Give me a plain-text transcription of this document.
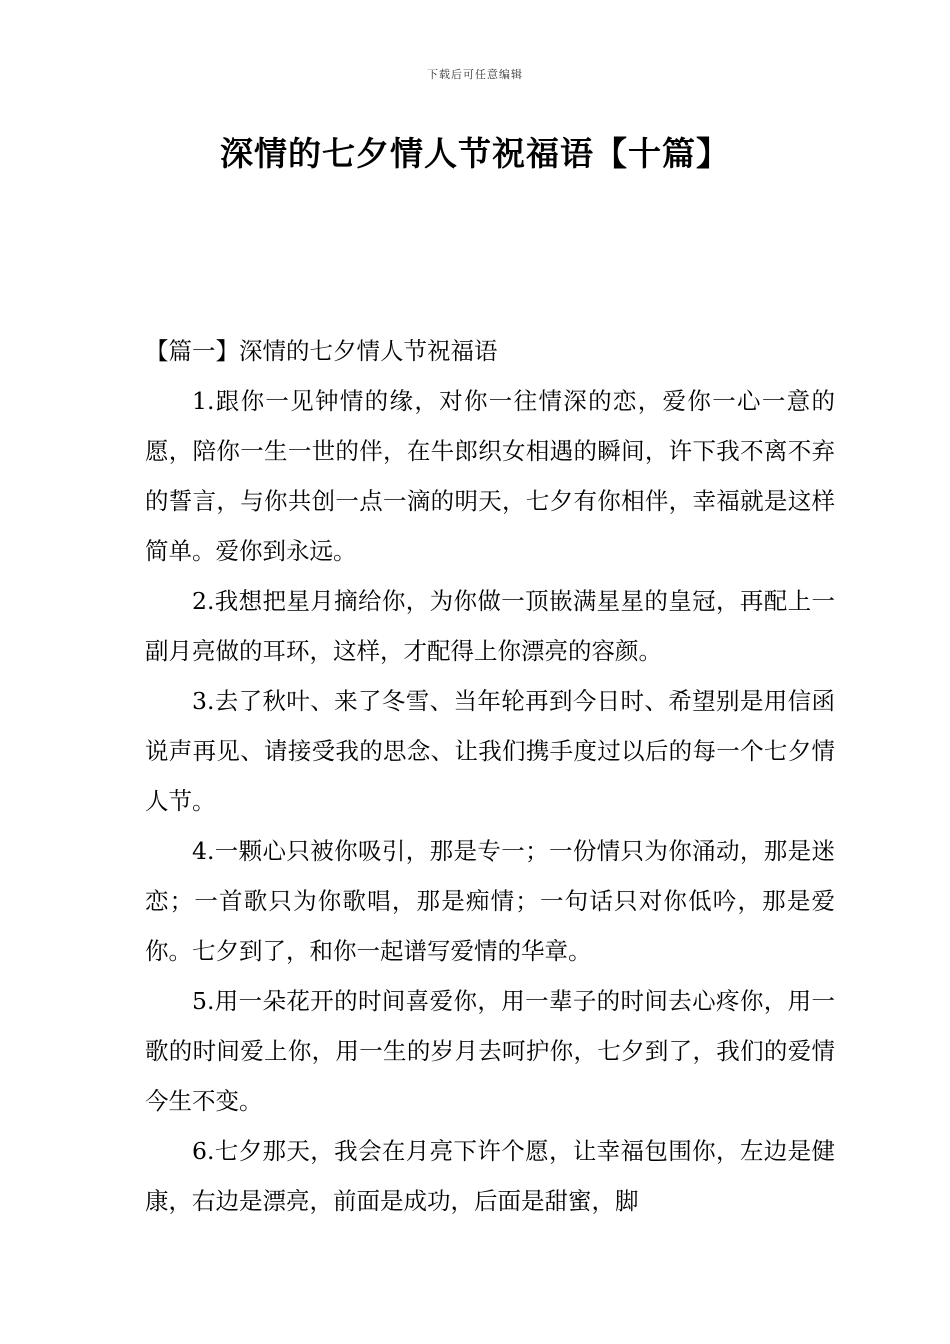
下载后可任意编辑
深情的七夕情人节祝福语【十篇】
【篇一】深情的七夕情人节祝福语

1.跟你一见钟情的缘，对你一往情深的恋，爱你一心一意的愿，陪你一生一世的伴，在牛郎织女相遇的瞬间，许下我不离不弃的誓言，与你共创一点一滴的明天，七夕有你相伴，幸福就是这样简单。爱你到永远。

2.我想把星月摘给你，为你做一顶嵌满星星的皇冠，再配上一副月亮做的耳环，这样，才配得上你漂亮的容颜。

3.去了秋叶、来了冬雪、当年轮再到今日时、希望别是用信函说声再见、请接受我的思念、让我们携手度过以后的每一个七夕情人节。

4.一颗心只被你吸引，那是专一；一份情只为你涌动，那是迷恋；一首歌只为你歌唱，那是痴情；一句话只对你低吟，那是爱你。七夕到了，和你一起谱写爱情的华章。

5.用一朵花开的时间喜爱你，用一辈子的时间去心疼你，用一歌的时间爱上你，用一生的岁月去呵护你，七夕到了，我们的爱情今生不变。

6.七夕那天，我会在月亮下许个愿，让幸福包围你，左边是健康，右边是漂亮，前面是成功，后面是甜蜜，脚
